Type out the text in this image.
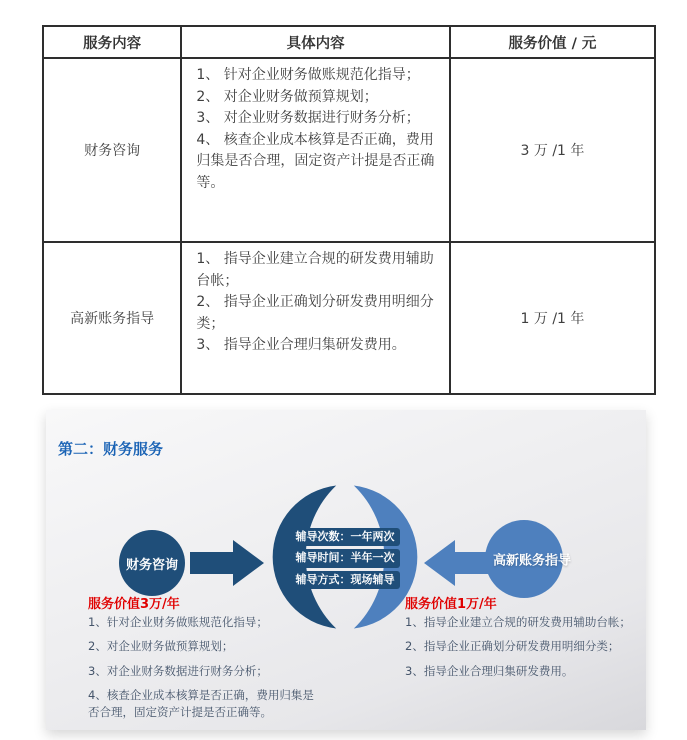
服务内容	具体内容	服务价值 / 元
财务咨询	1、 针对企业财务做账规范化指导；

2、 对企业财务做预算规划；

3、 对企业财务数据进行财务分析；

4、 核查企业成本核算是否正确，费用归集是否合理，固定资产计提是否正确等。	3 万 /1 年
高新账务指导	1、 指导企业建立合规的研发费用辅助台帐；

2、 指导企业正确划分研发费用明细分类；

3、 指导企业合理归集研发费用。	1 万 /1 年
第二：财务服务
辅导次数：一年两次
辅导时间：半年一次
辅导方式：现场辅导
财务咨询	高新账务指导
服务价值3万/年
1、针对企业财务做账规范化指导；
2、对企业财务做预算规划；
3、对企业财务数据进行财务分析；
4、核查企业成本核算是否正确，费用归集是否合理，固定资产计提是否正确等。
服务价值1万/年
1、指导企业建立合规的研发费用辅助台帐；
2、指导企业正确划分研发费用明细分类；
3、指导企业合理归集研发费用。
